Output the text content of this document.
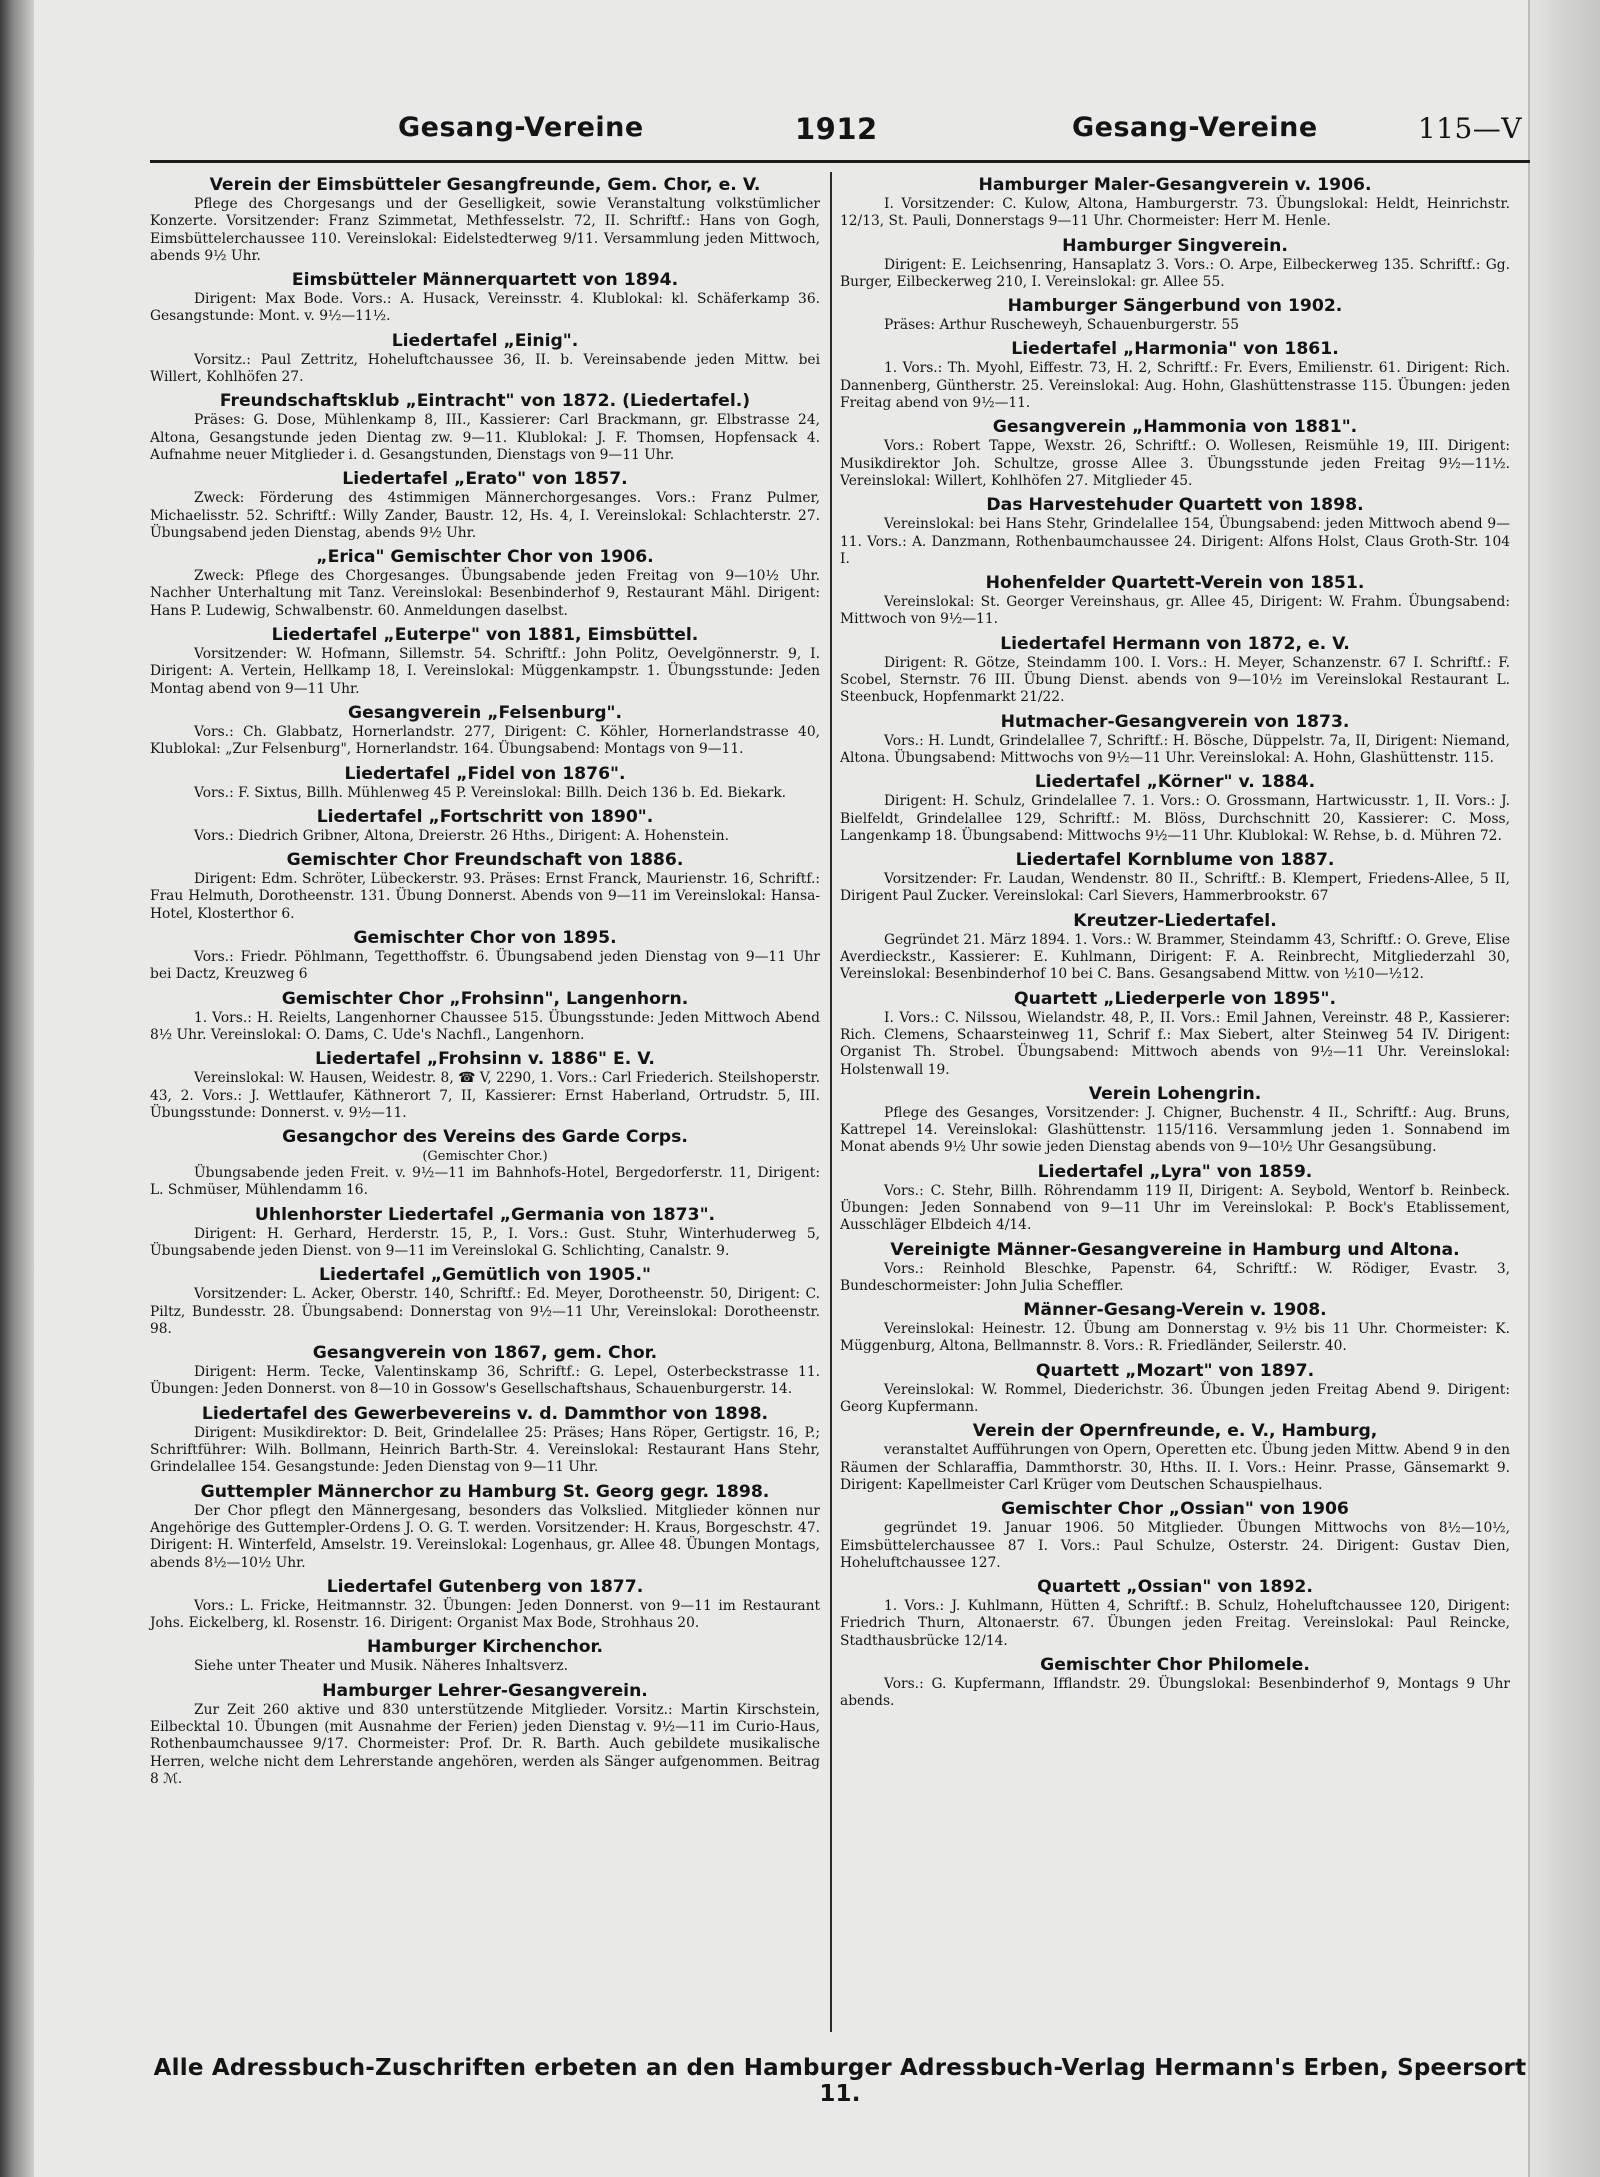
Gesang-Vereine	1912	Gesang-Vereine	115—V
Verein der Eimsbütteler Gesangfreunde, Gem. Chor, e. V.
Pflege des Chorgesangs und der Geselligkeit, sowie Veranstaltung volkstümlicher Konzerte. Vorsitzender: Franz Szimmetat, Methfesselstr. 72, II. Schriftf.: Hans von Gogh, Eimsbüttelerchaussee 110. Vereinslokal: Eidelstedterweg 9/11. Versammlung jeden Mittwoch, abends 9½ Uhr.
Eimsbütteler Männerquartett von 1894.
Dirigent: Max Bode. Vors.: A. Husack, Vereinsstr. 4. Klublokal: kl. Schäferkamp 36. Gesangstunde: Mont. v. 9½—11½.
Liedertafel „Einig".
Vorsitz.: Paul Zettritz, Hoheluftchaussee 36, II. b. Vereinsabende jeden Mittw. bei Willert, Kohlhöfen 27.
Freundschaftsklub „Eintracht" von 1872. (Liedertafel.)
Präses: G. Dose, Mühlenkamp 8, III., Kassierer: Carl Brackmann, gr. Elbstrasse 24, Altona, Gesangstunde jeden Dientag zw. 9—11. Klublokal: J. F. Thomsen, Hopfensack 4. Aufnahme neuer Mitglieder i. d. Gesangstunden, Dienstags von 9—11 Uhr.
Liedertafel „Erato" von 1857.
Zweck: Förderung des 4stimmigen Männerchorgesanges. Vors.: Franz Pulmer, Michaelisstr. 52. Schriftf.: Willy Zander, Baustr. 12, Hs. 4, I. Vereinslokal: Schlachterstr. 27. Übungsabend jeden Dienstag, abends 9½ Uhr.
„Erica" Gemischter Chor von 1906.
Zweck: Pflege des Chorgesanges. Übungsabende jeden Freitag von 9—10½ Uhr. Nachher Unterhaltung mit Tanz. Vereinslokal: Besenbinderhof 9, Restaurant Mähl. Dirigent: Hans P. Ludewig, Schwalbenstr. 60. Anmeldungen daselbst.
Liedertafel „Euterpe" von 1881, Eimsbüttel.
Vorsitzender: W. Hofmann, Sillemstr. 54. Schriftf.: John Politz, Oevelgönnerstr. 9, I. Dirigent: A. Vertein, Hellkamp 18, I. Vereinslokal: Müggenkampstr. 1. Übungsstunde: Jeden Montag abend von 9—11 Uhr.
Gesangverein „Felsenburg".
Vors.: Ch. Glabbatz, Hornerlandstr. 277, Dirigent: C. Köhler, Hornerlandstrasse 40, Klublokal: „Zur Felsenburg", Hornerlandstr. 164. Übungsabend: Montags von 9—11.
Liedertafel „Fidel von 1876".
Vors.: F. Sixtus, Billh. Mühlenweg 45 P. Vereinslokal: Billh. Deich 136 b. Ed. Biekark.
Liedertafel „Fortschritt von 1890".
Vors.: Diedrich Gribner, Altona, Dreierstr. 26 Hths., Dirigent: A. Hohenstein.
Gemischter Chor Freundschaft von 1886.
Dirigent: Edm. Schröter, Lübeckerstr. 93. Präses: Ernst Franck, Maurienstr. 16, Schriftf.: Frau Helmuth, Dorotheenstr. 131. Übung Donnerst. Abends von 9—11 im Vereinslokal: Hansa-Hotel, Klosterthor 6.
Gemischter Chor von 1895.
Vors.: Friedr. Pöhlmann, Tegetthoffstr. 6. Übungsabend jeden Dienstag von 9—11 Uhr bei Dactz, Kreuzweg 6
Gemischter Chor „Frohsinn", Langenhorn.
1. Vors.: H. Reielts, Langenhorner Chaussee 515. Übungsstunde: Jeden Mittwoch Abend 8½ Uhr. Vereinslokal: O. Dams, C. Ude's Nachfl., Langenhorn.
Liedertafel „Frohsinn v. 1886" E. V.
Vereinslokal: W. Hausen, Weidestr. 8, ☎ V, 2290, 1. Vors.: Carl Friederich. Steilshoperstr. 43, 2. Vors.: J. Wettlaufer, Käthnerort 7, II, Kassierer: Ernst Haberland, Ortrudstr. 5, III. Übungsstunde: Donnerst. v. 9½—11.
Gesangchor des Vereins des Garde Corps.
(Gemischter Chor.)
Übungsabende jeden Freit. v. 9½—11 im Bahnhofs-Hotel, Bergedorferstr. 11, Dirigent: L. Schmüser, Mühlendamm 16.
Uhlenhorster Liedertafel „Germania von 1873".
Dirigent: H. Gerhard, Herderstr. 15, P., I. Vors.: Gust. Stuhr, Winterhuderweg 5, Übungsabende jeden Dienst. von 9—11 im Vereinslokal G. Schlichting, Canalstr. 9.
Liedertafel „Gemütlich von 1905."
Vorsitzender: L. Acker, Oberstr. 140, Schriftf.: Ed. Meyer, Dorotheenstr. 50, Dirigent: C. Piltz, Bundesstr. 28. Übungsabend: Donnerstag von 9½—11 Uhr, Vereinslokal: Dorotheenstr. 98.
Gesangverein von 1867, gem. Chor.
Dirigent: Herm. Tecke, Valentinskamp 36, Schriftf.: G. Lepel, Osterbeckstrasse 11. Übungen: Jeden Donnerst. von 8—10 in Gossow's Gesellschaftshaus, Schauenburgerstr. 14.
Liedertafel des Gewerbevereins v. d. Dammthor von 1898.
Dirigent: Musikdirektor: D. Beit, Grindelallee 25: Präses; Hans Röper, Gertigstr. 16, P.; Schriftführer: Wilh. Bollmann, Heinrich Barth-Str. 4. Vereinslokal: Restaurant Hans Stehr, Grindelallee 154. Gesangstunde: Jeden Dienstag von 9—11 Uhr.
Guttempler Männerchor zu Hamburg St. Georg gegr. 1898.
Der Chor pflegt den Männergesang, besonders das Volkslied. Mitglieder können nur Angehörige des Guttempler-Ordens J. O. G. T. werden. Vorsitzender: H. Kraus, Borgeschstr. 47. Dirigent: H. Winterfeld, Amselstr. 19. Vereinslokal: Logenhaus, gr. Allee 48. Übungen Montags, abends 8½—10½ Uhr.
Liedertafel Gutenberg von 1877.
Vors.: L. Fricke, Heitmannstr. 32. Übungen: Jeden Donnerst. von 9—11 im Restaurant Johs. Eickelberg, kl. Rosenstr. 16. Dirigent: Organist Max Bode, Strohhaus 20.
Hamburger Kirchenchor.
Siehe unter Theater und Musik. Näheres Inhaltsverz.
Hamburger Lehrer-Gesangverein.
Zur Zeit 260 aktive und 830 unterstützende Mitglieder. Vorsitz.: Martin Kirschstein, Eilbecktal 10. Übungen (mit Ausnahme der Ferien) jeden Dienstag v. 9½—11 im Curio-Haus, Rothenbaumchaussee 9/17. Chormeister: Prof. Dr. R. Barth. Auch gebildete musikalische Herren, welche nicht dem Lehrerstande angehören, werden als Sänger aufgenommen. Beitrag 8 ℳ.
Hamburger Maler-Gesangverein v. 1906.
I. Vorsitzender: C. Kulow, Altona, Hamburgerstr. 73. Übungslokal: Heldt, Heinrichstr. 12/13, St. Pauli, Donnerstags 9—11 Uhr. Chormeister: Herr M. Henle.
Hamburger Singverein.
Dirigent: E. Leichsenring, Hansaplatz 3. Vors.: O. Arpe, Eilbeckerweg 135. Schriftf.: Gg. Burger, Eilbeckerweg 210, I. Vereinslokal: gr. Allee 55.
Hamburger Sängerbund von 1902.
Präses: Arthur Ruscheweyh, Schauenburgerstr. 55
Liedertafel „Harmonia" von 1861.
1. Vors.: Th. Myohl, Eiffestr. 73, H. 2, Schriftf.: Fr. Evers, Emilienstr. 61. Dirigent: Rich. Dannenberg, Güntherstr. 25. Vereinslokal: Aug. Hohn, Glashüttenstrasse 115. Übungen: jeden Freitag abend von 9½—11.
Gesangverein „Hammonia von 1881".
Vors.: Robert Tappe, Wexstr. 26, Schriftf.: O. Wollesen, Reismühle 19, III. Dirigent: Musikdirektor Joh. Schultze, grosse Allee 3. Übungsstunde jeden Freitag 9½—11½. Vereinslokal: Willert, Kohlhöfen 27. Mitglieder 45.
Das Harvestehuder Quartett von 1898.
Vereinslokal: bei Hans Stehr, Grindelallee 154, Übungsabend: jeden Mittwoch abend 9—11. Vors.: A. Danzmann, Rothenbaumchaussee 24. Dirigent: Alfons Holst, Claus Groth-Str. 104 I.
Hohenfelder Quartett-Verein von 1851.
Vereinslokal: St. Georger Vereinshaus, gr. Allee 45, Dirigent: W. Frahm. Übungsabend: Mittwoch von 9½—11.
Liedertafel Hermann von 1872, e. V.
Dirigent: R. Götze, Steindamm 100. I. Vors.: H. Meyer, Schanzenstr. 67 I. Schriftf.: F. Scobel, Sternstr. 76 III. Übung Dienst. abends von 9—10½ im Vereinslokal Restaurant L. Steenbuck, Hopfenmarkt 21/22.
Hutmacher-Gesangverein von 1873.
Vors.: H. Lundt, Grindelallee 7, Schriftf.: H. Bösche, Düppelstr. 7a, II, Dirigent: Niemand, Altona. Übungsabend: Mittwochs von 9½—11 Uhr. Vereinslokal: A. Hohn, Glashüttenstr. 115.
Liedertafel „Körner" v. 1884.
Dirigent: H. Schulz, Grindelallee 7. 1. Vors.: O. Grossmann, Hartwicusstr. 1, II. Vors.: J. Bielfeldt, Grindelallee 129, Schriftf.: M. Blöss, Durchschnitt 20, Kassierer: C. Moss, Langenkamp 18. Übungsabend: Mittwochs 9½—11 Uhr. Klublokal: W. Rehse, b. d. Mühren 72.
Liedertafel Kornblume von 1887.
Vorsitzender: Fr. Laudan, Wendenstr. 80 II., Schriftf.: B. Klempert, Friedens-Allee, 5 II, Dirigent Paul Zucker. Vereinslokal: Carl Sievers, Hammerbrookstr. 67
Kreutzer-Liedertafel.
Gegründet 21. März 1894. 1. Vors.: W. Brammer, Steindamm 43, Schriftf.: O. Greve, Elise Averdieckstr., Kassierer: E. Kuhlmann, Dirigent: F. A. Reinbrecht, Mitgliederzahl 30, Vereinslokal: Besenbinderhof 10 bei C. Bans. Gesangsabend Mittw. von ½10—½12.
Quartett „Liederperle von 1895".
I. Vors.: C. Nilssou, Wielandstr. 48, P., II. Vors.: Emil Jahnen, Vereinstr. 48 P., Kassierer: Rich. Clemens, Schaarsteinweg 11, Schrif f.: Max Siebert, alter Steinweg 54 IV. Dirigent: Organist Th. Strobel. Übungsabend: Mittwoch abends von 9½—11 Uhr. Vereinslokal: Holstenwall 19.
Verein Lohengrin.
Pflege des Gesanges, Vorsitzender: J. Chigner, Buchenstr. 4 II., Schriftf.: Aug. Bruns, Kattrepel 14. Vereinslokal: Glashüttenstr. 115/116. Versammlung jeden 1. Sonnabend im Monat abends 9½ Uhr sowie jeden Dienstag abends von 9—10½ Uhr Gesangsübung.
Liedertafel „Lyra" von 1859.
Vors.: C. Stehr, Billh. Röhrendamm 119 II, Dirigent: A. Seybold, Wentorf b. Reinbeck. Übungen: Jeden Sonnabend von 9—11 Uhr im Vereinslokal: P. Bock's Etablissement, Ausschläger Elbdeich 4/14.
Vereinigte Männer-Gesangvereine in Hamburg und Altona.
Vors.: Reinhold Bleschke, Papenstr. 64, Schriftf.: W. Rödiger, Evastr. 3, Bundeschormeister: John Julia Scheffler.
Männer-Gesang-Verein v. 1908.
Vereinslokal: Heinestr. 12. Übung am Donnerstag v. 9½ bis 11 Uhr. Chormeister: K. Müggenburg, Altona, Bellmannstr. 8. Vors.: R. Friedländer, Seilerstr. 40.
Quartett „Mozart" von 1897.
Vereinslokal: W. Rommel, Diederichstr. 36. Übungen jeden Freitag Abend 9. Dirigent: Georg Kupfermann.
Verein der Opernfreunde, e. V., Hamburg,
veranstaltet Aufführungen von Opern, Operetten etc. Übung jeden Mittw. Abend 9 in den Räumen der Schlaraffia, Dammthorstr. 30, Hths. II. I. Vors.: Heinr. Prasse, Gänsemarkt 9. Dirigent: Kapellmeister Carl Krüger vom Deutschen Schauspielhaus.
Gemischter Chor „Ossian" von 1906
gegründet 19. Januar 1906. 50 Mitglieder. Übungen Mittwochs von 8½—10½, Eimsbüttelerchaussee 87 I. Vors.: Paul Schulze, Osterstr. 24. Dirigent: Gustav Dien, Hoheluftchaussee 127.
Quartett „Ossian" von 1892.
1. Vors.: J. Kuhlmann, Hütten 4, Schriftf.: B. Schulz, Hoheluftchaussee 120, Dirigent: Friedrich Thurn, Altonaerstr. 67. Übungen jeden Freitag. Vereinslokal: Paul Reincke, Stadthausbrücke 12/14.
Gemischter Chor Philomele.
Vors.: G. Kupfermann, Ifflandstr. 29. Übungslokal: Besenbinderhof 9, Montags 9 Uhr abends.
Alle Adressbuch-Zuschriften erbeten an den Hamburger Adressbuch-Verlag Hermann's Erben, Speersort 11.
